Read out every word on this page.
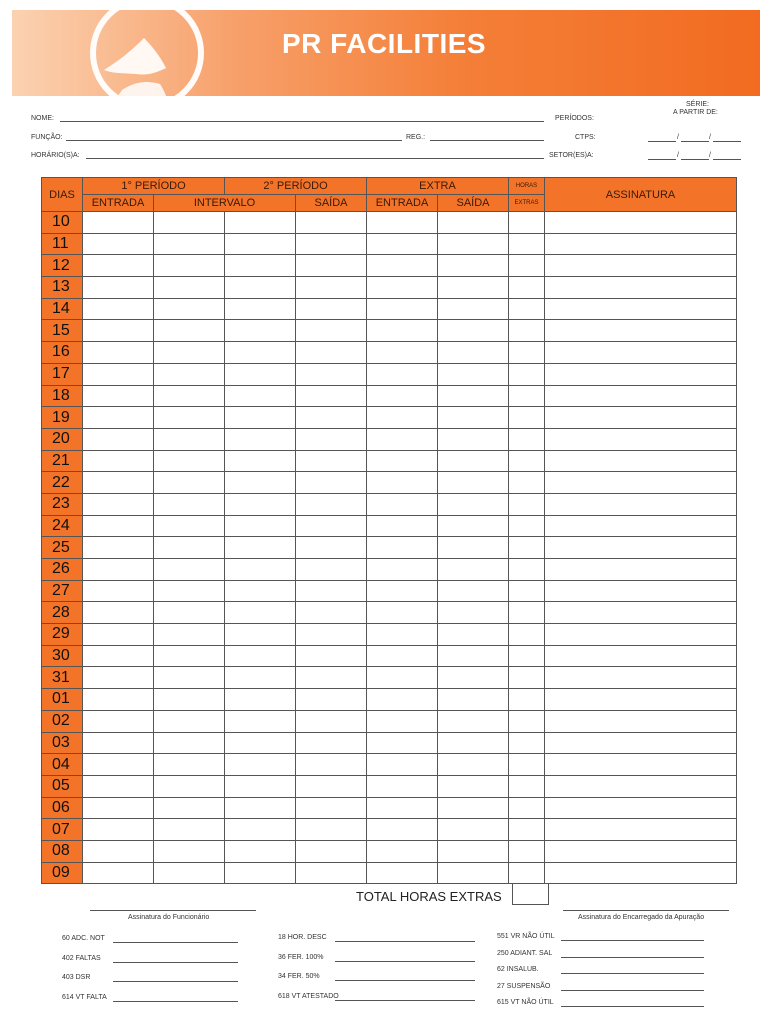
PR FACILITIES
NOME:	PERÍODOS:
SÉRIE:
A PARTIR DE:
FUNÇÃO:	REG.:	CTPS:	/	/
HORÁRIO(S)A:	SETOR(ES)A:	/	/
DIAS	1° PERÍODO		2° PERÍODO		EXTRA		HORAS	ASSINATURA
	ENTRADA	INTERVALO		SAÍDA	ENTRADA	SAÍDA	EXTRAS	
10								
11								
12								
13								
14								
15								
16								
17								
18								
19								
20								
21								
22								
23								
24								
25								
26								
27								
28								
29								
30								
31								
01								
02								
03								
04								
05								
06								
07								
08								
09								
TOTAL HORAS EXTRAS
Assinatura do Funcionário	Assinatura do Encarregado da Apuração
60 ADC. NOT
402 FALTAS
403 DSR
614 VT FALTA
18 HOR. DESC
36 FER. 100%
34 FER. 50%
618 VT ATESTADO
551 VR NÃO ÚTIL
250 ADIANT. SAL
62 INSALUB.
27 SUSPENSÃO
615 VT NÃO ÚTIL
